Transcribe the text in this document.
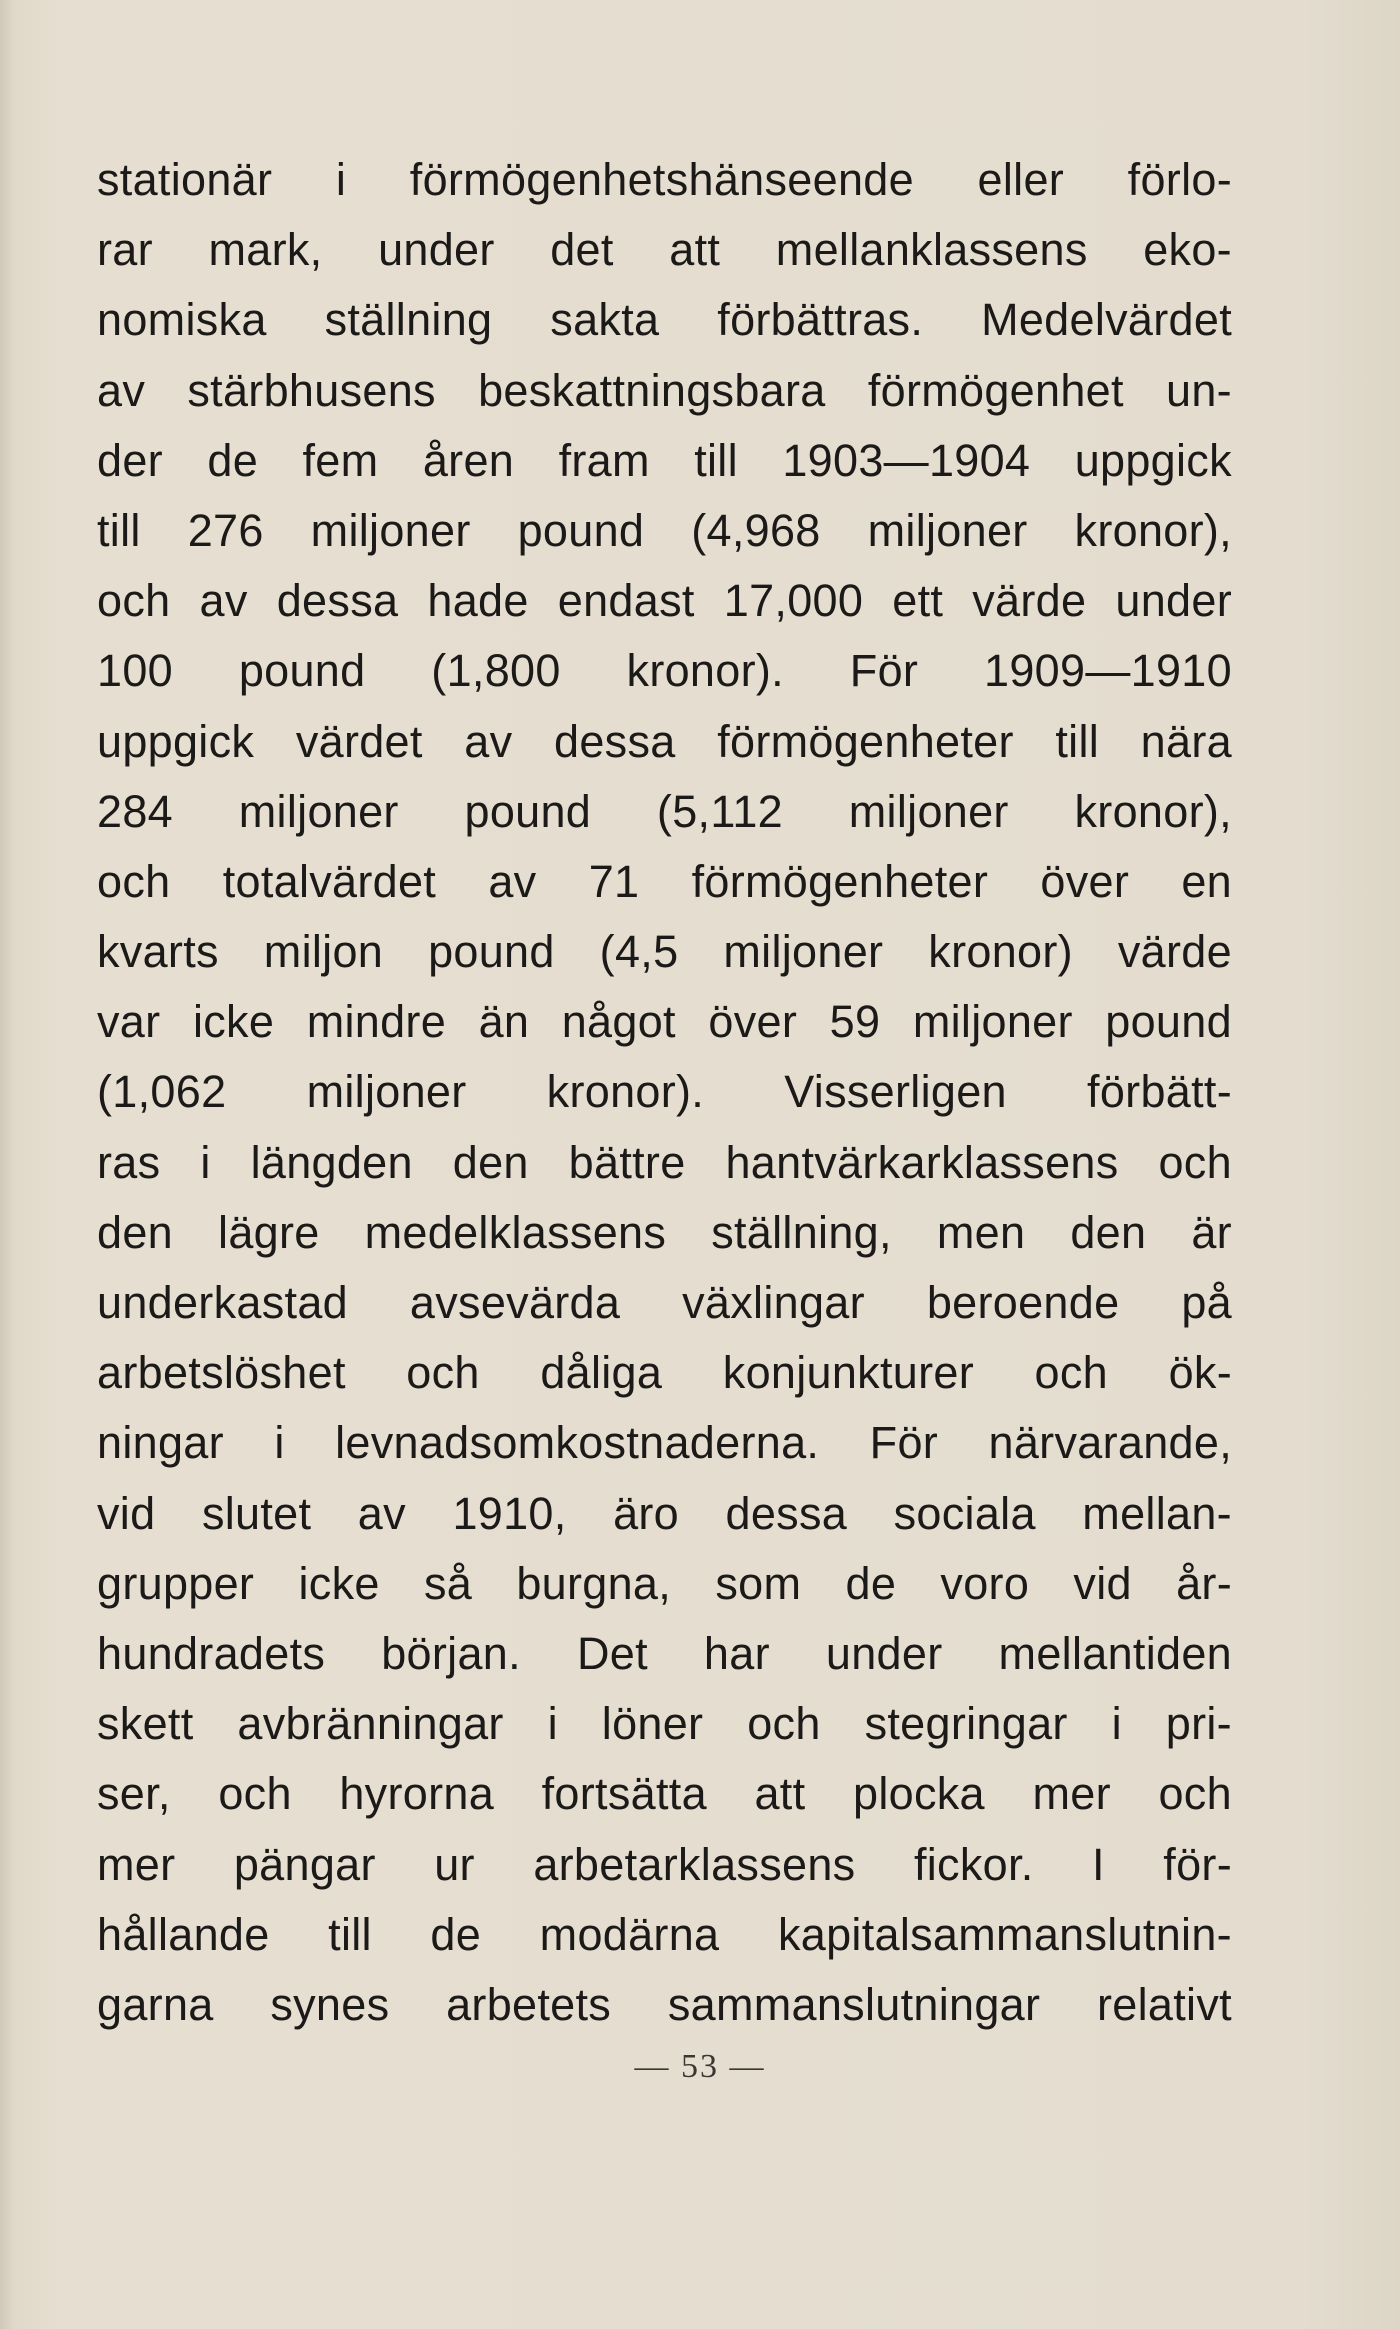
stationär i förmögenhetshänseende eller förlo-
rar mark, under det att mellanklassens eko-
nomiska ställning sakta förbättras. Medelvärdet
av stärbhusens beskattningsbara förmögenhet un-
der de fem åren fram till 1903—1904 uppgick
till 276 miljoner pound (4,968 miljoner kronor),
och av dessa hade endast 17,000 ett värde under
100 pound (1,800 kronor). För 1909—1910
uppgick värdet av dessa förmögenheter till nära
284 miljoner pound (5,112 miljoner kronor),
och totalvärdet av 71 förmögenheter över en
kvarts miljon pound (4,5 miljoner kronor) värde
var icke mindre än något över 59 miljoner pound
(1,062 miljoner kronor). Visserligen förbätt-
ras i längden den bättre hantvärkarklassens och
den lägre medelklassens ställning, men den är
underkastad avsevärda växlingar beroende på
arbetslöshet och dåliga konjunkturer och ök-
ningar i levnadsomkostnaderna. För närvarande,
vid slutet av 1910, äro dessa sociala mellan-
grupper icke så burgna, som de voro vid år-
hundradets början. Det har under mellantiden
skett avbränningar i löner och stegringar i pri-
ser, och hyrorna fortsätta att plocka mer och
mer pängar ur arbetarklassens fickor. I för-
hållande till de modärna kapitalsammanslutnin-
garna synes arbetets sammanslutningar relativt
— 53 —
